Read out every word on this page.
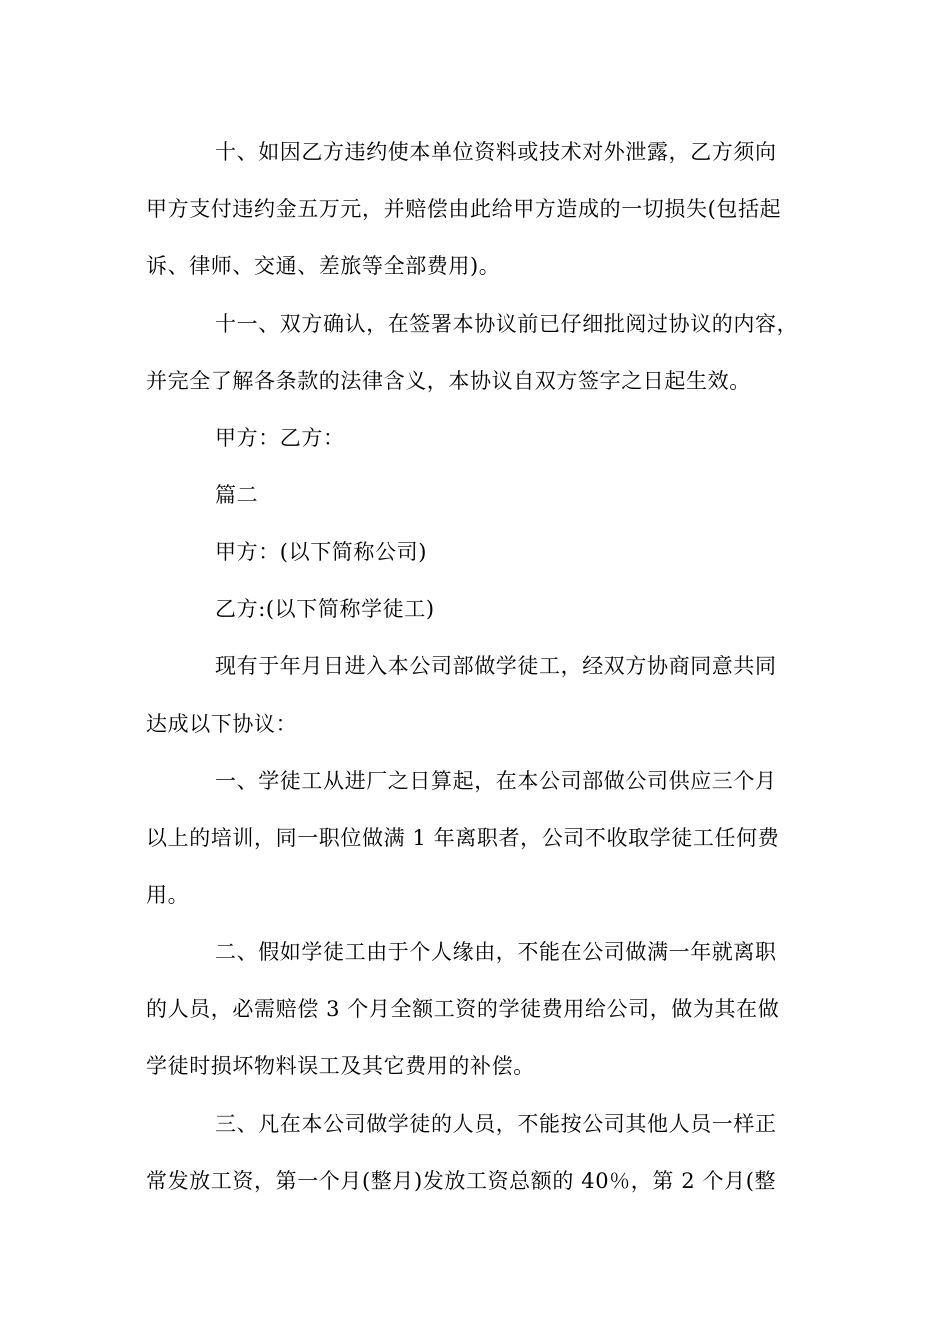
十、如因乙方违约使本单位资料或技术对外泄露，乙方须向
甲方支付违约金五万元，并赔偿由此给甲方造成的一切损失(包括起
诉、律师、交通、差旅等全部费用)。
十一、双方确认，在签署本协议前已仔细批阅过协议的内容，
并完全了解各条款的法律含义，本协议自双方签字之日起生效。
甲方：乙方：
篇二
甲方：(以下简称公司)
乙方:(以下简称学徒工)
现有于年月日进入本公司部做学徒工，经双方协商同意共同
达成以下协议：
一、学徒工从进厂之日算起，在本公司部做公司供应三个月
以上的培训，同一职位做满 1 年离职者，公司不收取学徒工任何费
用。
二、假如学徒工由于个人缘由，不能在公司做满一年就离职
的人员，必需赔偿 3 个月全额工资的学徒费用给公司，做为其在做
学徒时损坏物料误工及其它费用的补偿。
三、凡在本公司做学徒的人员，不能按公司其他人员一样正
常发放工资，第一个月(整月)发放工资总额的 40％，第 2 个月(整
